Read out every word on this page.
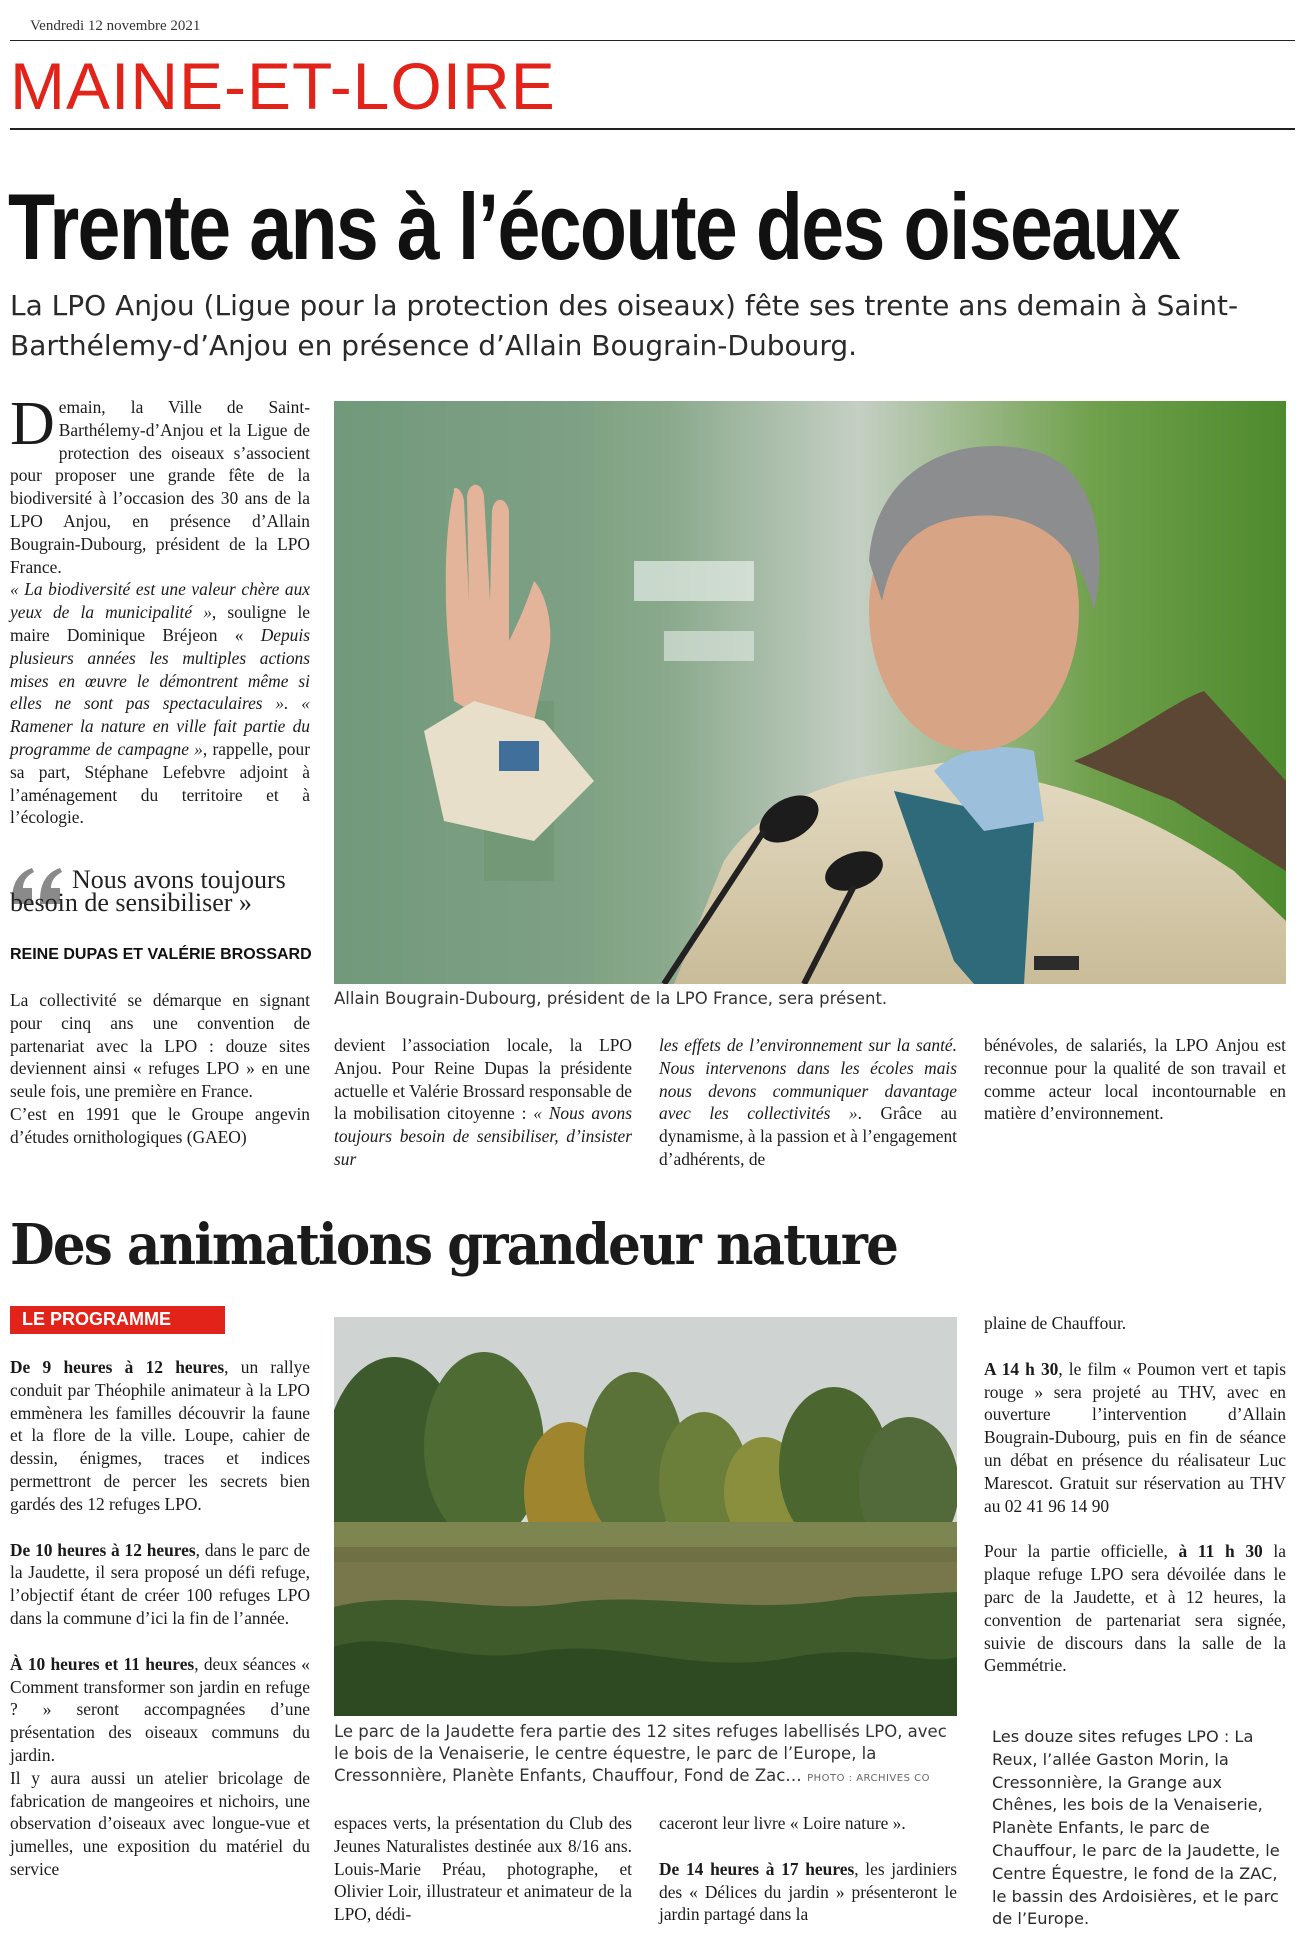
Vendredi 12 novembre 2021
MAINE-ET-LOIRE
Trente ans à l’écoute des oiseaux
La LPO Anjou (Ligue pour la protection des oiseaux) fête ses trente ans demain à Saint-Barthélemy-d’Anjou en présence d’Allain Bougrain-Dubourg.

D emain, la Ville de Saint-Barthélemy-d’Anjou et la Ligue de protection des oiseaux s’associent pour proposer une grande fête de la biodiversité à l’occasion des 30 ans de la LPO Anjou, en présence d’Allain Bougrain-Dubourg, président de la LPO France.

« La biodiversité est une valeur chère aux yeux de la municipalité », souligne le maire Dominique Bréjeon « Depuis plusieurs années les multiples actions mises en œuvre le démontrent même si elles ne sont pas spectaculaires ». « Ramener la nature en ville fait partie du programme de campagne », rappelle, pour sa part, Stéphane Lefebvre adjoint à l’aménagement du territoire et à l’écologie.

Nous avons toujours besoin de sensibiliser »
REINE DUPAS ET VALÉRIE BROSSARD

La collectivité se démarque en signant pour cinq ans une convention de partenariat avec la LPO : douze sites deviennent ainsi « refuges LPO » en une seule fois, une première en France.

C’est en 1991 que le Groupe angevin d’études ornithologiques (GAEO)

Allain Bougrain-Dubourg, président de la LPO France, sera présent.

devient l’association locale, la LPO Anjou. Pour Reine Dupas la présidente actuelle et Valérie Brossard responsable de la mobilisation citoyenne : « Nous avons toujours besoin de sensibiliser, d’insister sur

les effets de l’environnement sur la santé. Nous intervenons dans les écoles mais nous devons communiquer davantage avec les collectivités ». Grâce au dynamisme, à la passion et à l’engagement d’adhérents, de

bénévoles, de salariés, la LPO Anjou est reconnue pour la qualité de son travail et comme acteur local incontournable en matière d’environnement.

Des animations grandeur nature
LE PROGRAMME

De 9 heures à 12 heures, un rallye conduit par Théophile animateur à la LPO emmènera les familles découvrir la faune et la flore de la ville. Loupe, cahier de dessin, énigmes, traces et indices permettront de percer les secrets bien gardés des 12 refuges LPO.

De 10 heures à 12 heures, dans le parc de la Jaudette, il sera proposé un défi refuge, l’objectif étant de créer 100 refuges LPO dans la commune d’ici la fin de l’année.

À 10 heures et 11 heures, deux séances « Comment transformer son jardin en refuge ? » seront accompagnées d’une présentation des oiseaux communs du jardin.

Il y aura aussi un atelier bricolage de fabrication de mangeoires et nichoirs, une observation d’oiseaux avec longue-vue et jumelles, une exposition du matériel du service

Le parc de la Jaudette fera partie des 12 sites refuges labellisés LPO, avec le bois de la Venaiserie, le centre équestre, le parc de l’Europe, la Cressonnière, Planète Enfants, Chauffour, Fond de Zac… PHOTO : ARCHIVES CO

espaces verts, la présentation du Club des Jeunes Naturalistes destinée aux 8/16 ans. Louis-Marie Préau, photographe, et Olivier Loir, illustrateur et animateur de la LPO, dédi-

caceront leur livre « Loire nature ».

De 14 heures à 17 heures, les jardiniers des « Délices du jardin » présenteront le jardin partagé dans la

plaine de Chauffour.

A 14 h 30, le film « Poumon vert et tapis rouge » sera projeté au THV, avec en ouverture l’intervention d’Allain Bougrain-Dubourg, puis en fin de séance un débat en présence du réalisateur Luc Marescot. Gratuit sur réservation au THV au 02 41 96 14 90

Pour la partie officielle, à 11 h 30 la plaque refuge LPO sera dévoilée dans le parc de la Jaudette, et à 12 heures, la convention de partenariat sera signée, suivie de discours dans la salle de la Gemmétrie.

Les douze sites refuges LPO : La Reux, l’allée Gaston Morin, la Cressonnière, la Grange aux Chênes, les bois de la Venaiserie, Planète Enfants, le parc de Chauffour, le parc de la Jaudette, le Centre Équestre, le fond de la ZAC, le bassin des Ardoisières, et le parc de l’Europe.
